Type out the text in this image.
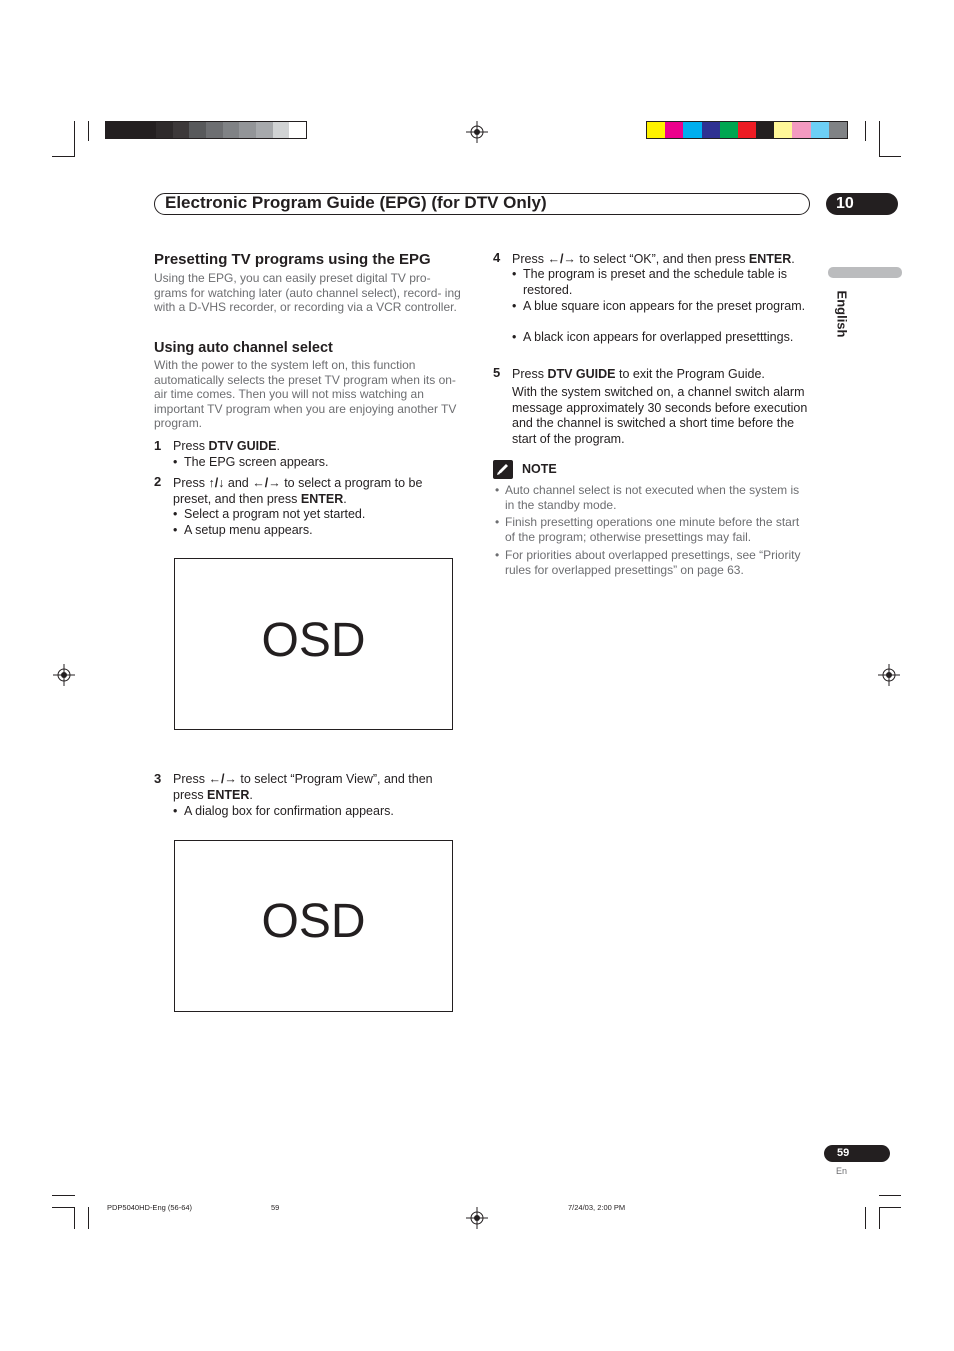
Electronic Program Guide (EPG) (for DTV Only)	10
English
Presetting TV programs using the EPG

Using the EPG, you can easily preset digital TV pro- grams for watching later (auto channel select), record- ing with a D-VHS recorder, or recording via a VCR controller.

Using auto channel select

With the power to the system left on, this function automatically selects the preset TV program when its on-air time comes. Then you will not miss watching an important TV program when you are enjoying another TV program.

1 Press DTV GUIDE.

• The EPG screen appears.

2 Press ↑/↓ and ←/→ to select a program to be preset, and then press ENTER.

• Select a program not yet started.

• A setup menu appears.

OSD
3 Press ←/→ to select “Program View”, and then press ENTER.

• A dialog box for confirmation appears.

OSD
4 Press ←/→ to select “OK”, and then press ENTER.

• The program is preset and the schedule table is restored.

• A blue square icon appears for the preset program.

• A black icon appears for overlapped presetttings.

5 Press DTV GUIDE to exit the Program Guide.

With the system switched on, a channel switch alarm message approximately 30 seconds before execution and the channel is switched a short time before the start of the program.

NOTE

• Auto channel select is not executed when the system is in the standby mode.

• Finish presetting operations one minute before the start of the program; otherwise presettings may fail.

• For priorities about overlapped presettings, see “Priority rules for overlapped presettings” on page 63.

59
En
PDP5040HD-Eng (56-64)	59	7/24/03, 2:00 PM
